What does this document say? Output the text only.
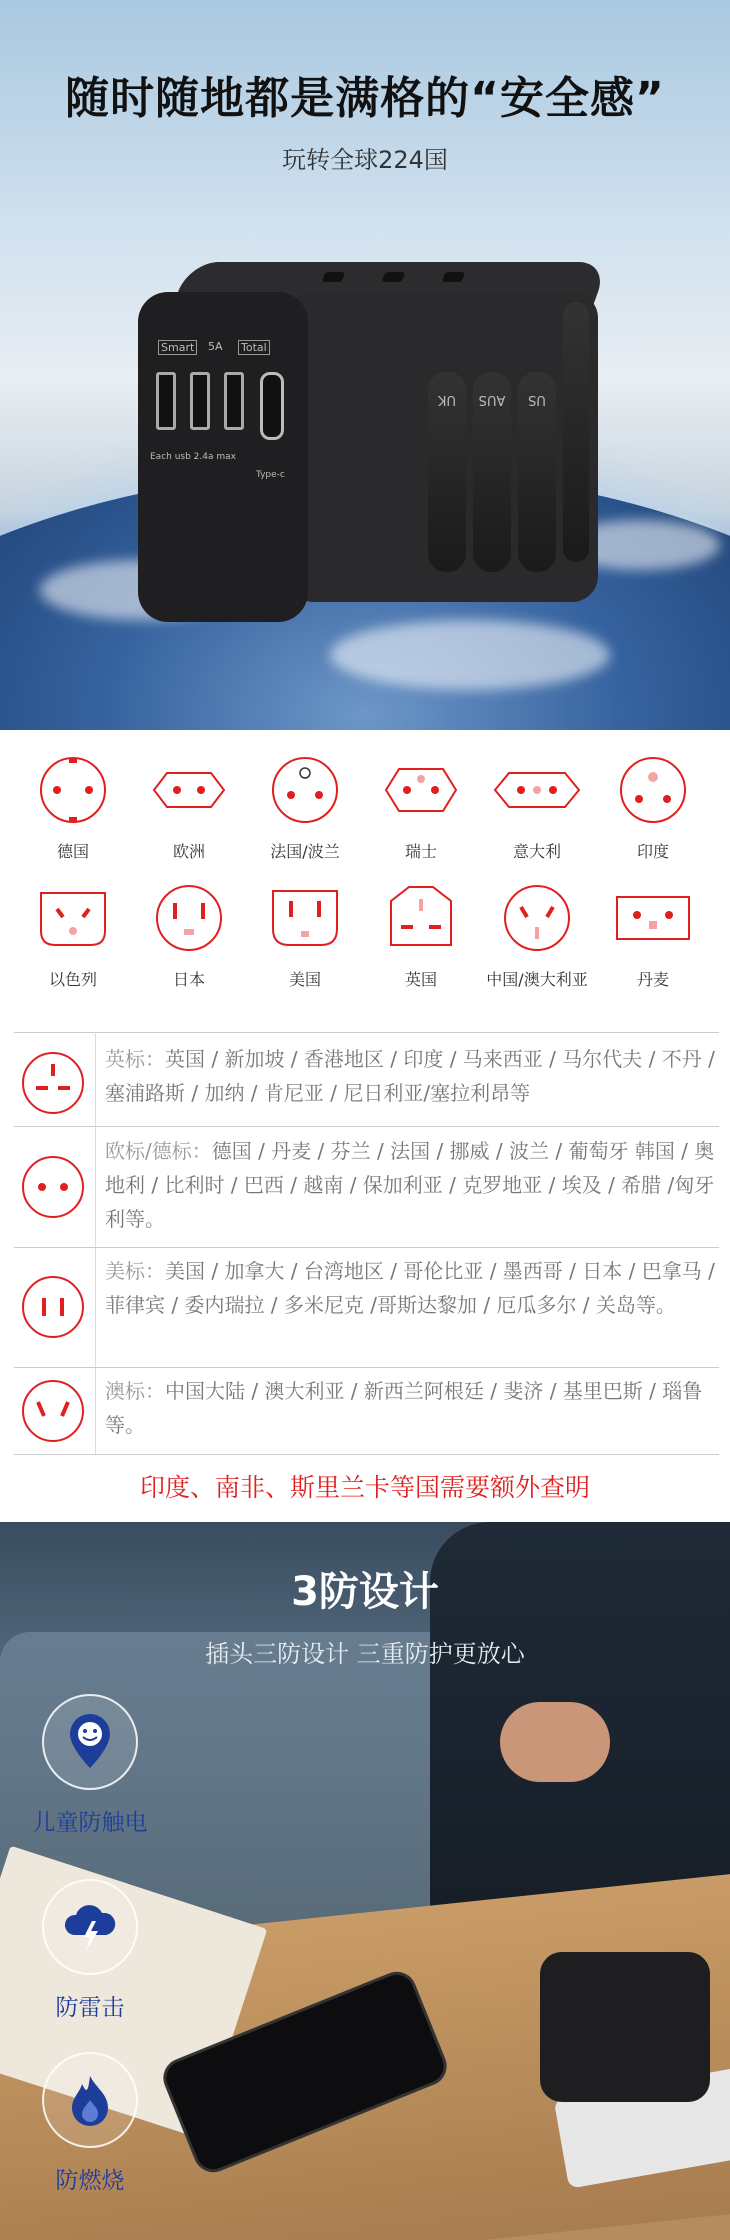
随时随地都是满格的“安全感”

玩转全球224国

Smart 5A Total
Each usb 2.4a max
Type-c
UK	AUS	US
德国	欧洲	法国/波兰	瑞士	意大利	印度
以色列	日本	美国	英国	中国/澳大利亚	丹麦

英标：英国 / 新加坡 / 香港地区 / 印度 / 马来西亚 / 马尔代夫 / 不丹 / 塞浦路斯 / 加纳 / 肯尼亚 / 尼日利亚/塞拉利昂等

欧标/德标：德国 / 丹麦 / 芬兰 / 法国 / 挪威 / 波兰 / 葡萄牙 韩国 / 奥地利 / 比利时 / 巴西 / 越南 / 保加利亚 / 克罗地亚 / 埃及 / 希腊 /匈牙利等。

美标：美国 / 加拿大 / 台湾地区 / 哥伦比亚 / 墨西哥 / 日本 / 巴拿马 / 菲律宾 / 委内瑞拉 / 多米尼克 /哥斯达黎加 / 厄瓜多尔 / 关岛等。

澳标：中国大陆 / 澳大利亚 / 新西兰阿根廷 / 斐济 / 基里巴斯 / 瑙鲁等。

印度、南非、斯里兰卡等国需要额外查明

3防设计

插头三防设计 三重防护更放心

儿童防触电
防雷击
防燃烧
